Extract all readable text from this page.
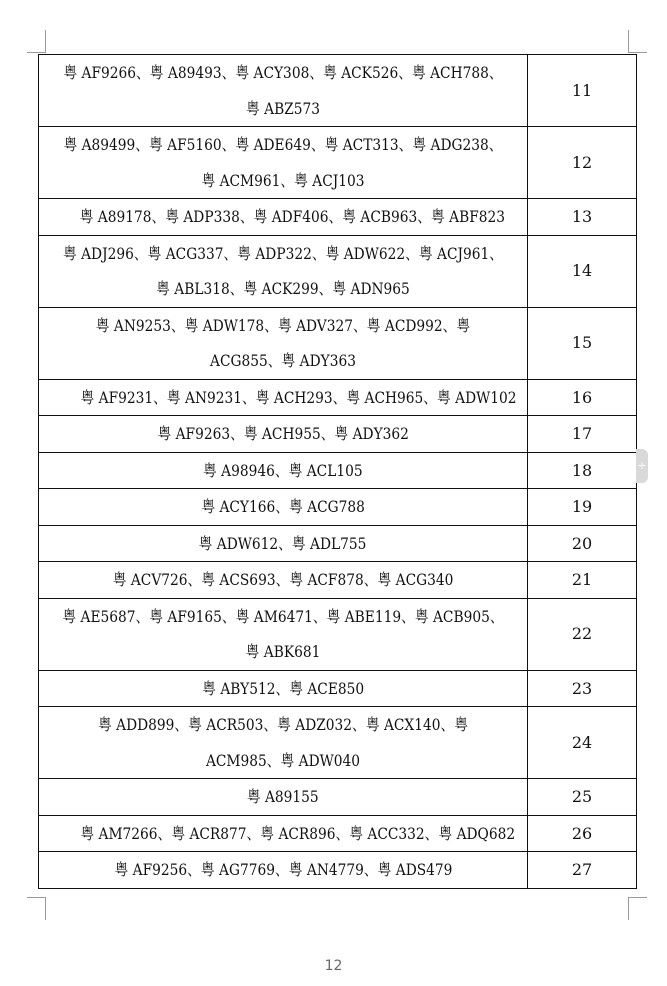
粤 AF9266、粤 A89493、粤 ACY308、粤 ACK526、粤 ACH788、粤 ABZ573	11
粤 A89499、粤 AF5160、粤 ADE649、粤 ACT313、粤 ADG238、粤 ACM961、粤 ACJ103	12
粤 A89178、粤 ADP338、粤 ADF406、粤 ACB963、粤 ABF823	13
粤 ADJ296、粤 ACG337、粤 ADP322、粤 ADW622、粤 ACJ961、粤 ABL318、粤 ACK299、粤 ADN965	14
粤 AN9253、粤 ADW178、粤 ADV327、粤 ACD992、粤 ACG855、粤 ADY363	15
粤 AF9231、粤 AN9231、粤 ACH293、粤 ACH965、粤 ADW102	16
粤 AF9263、粤 ACH955、粤 ADY362	17
粤 A98946、粤 ACL105	18
粤 ACY166、粤 ACG788	19
粤 ADW612、粤 ADL755	20
粤 ACV726、粤 ACS693、粤 ACF878、粤 ACG340	21
粤 AE5687、粤 AF9165、粤 AM6471、粤 ABE119、粤 ACB905、粤 ABK681	22
粤 ABY512、粤 ACE850	23
粤 ADD899、粤 ACR503、粤 ADZ032、粤 ACX140、粤 ACM985、粤 ADW040	24
粤 A89155	25
粤 AM7266、粤 ACR877、粤 ACR896、粤 ACC332、粤 ADQ682	26
粤 AF9256、粤 AG7769、粤 AN4779、粤 ADS479	27
+
12
